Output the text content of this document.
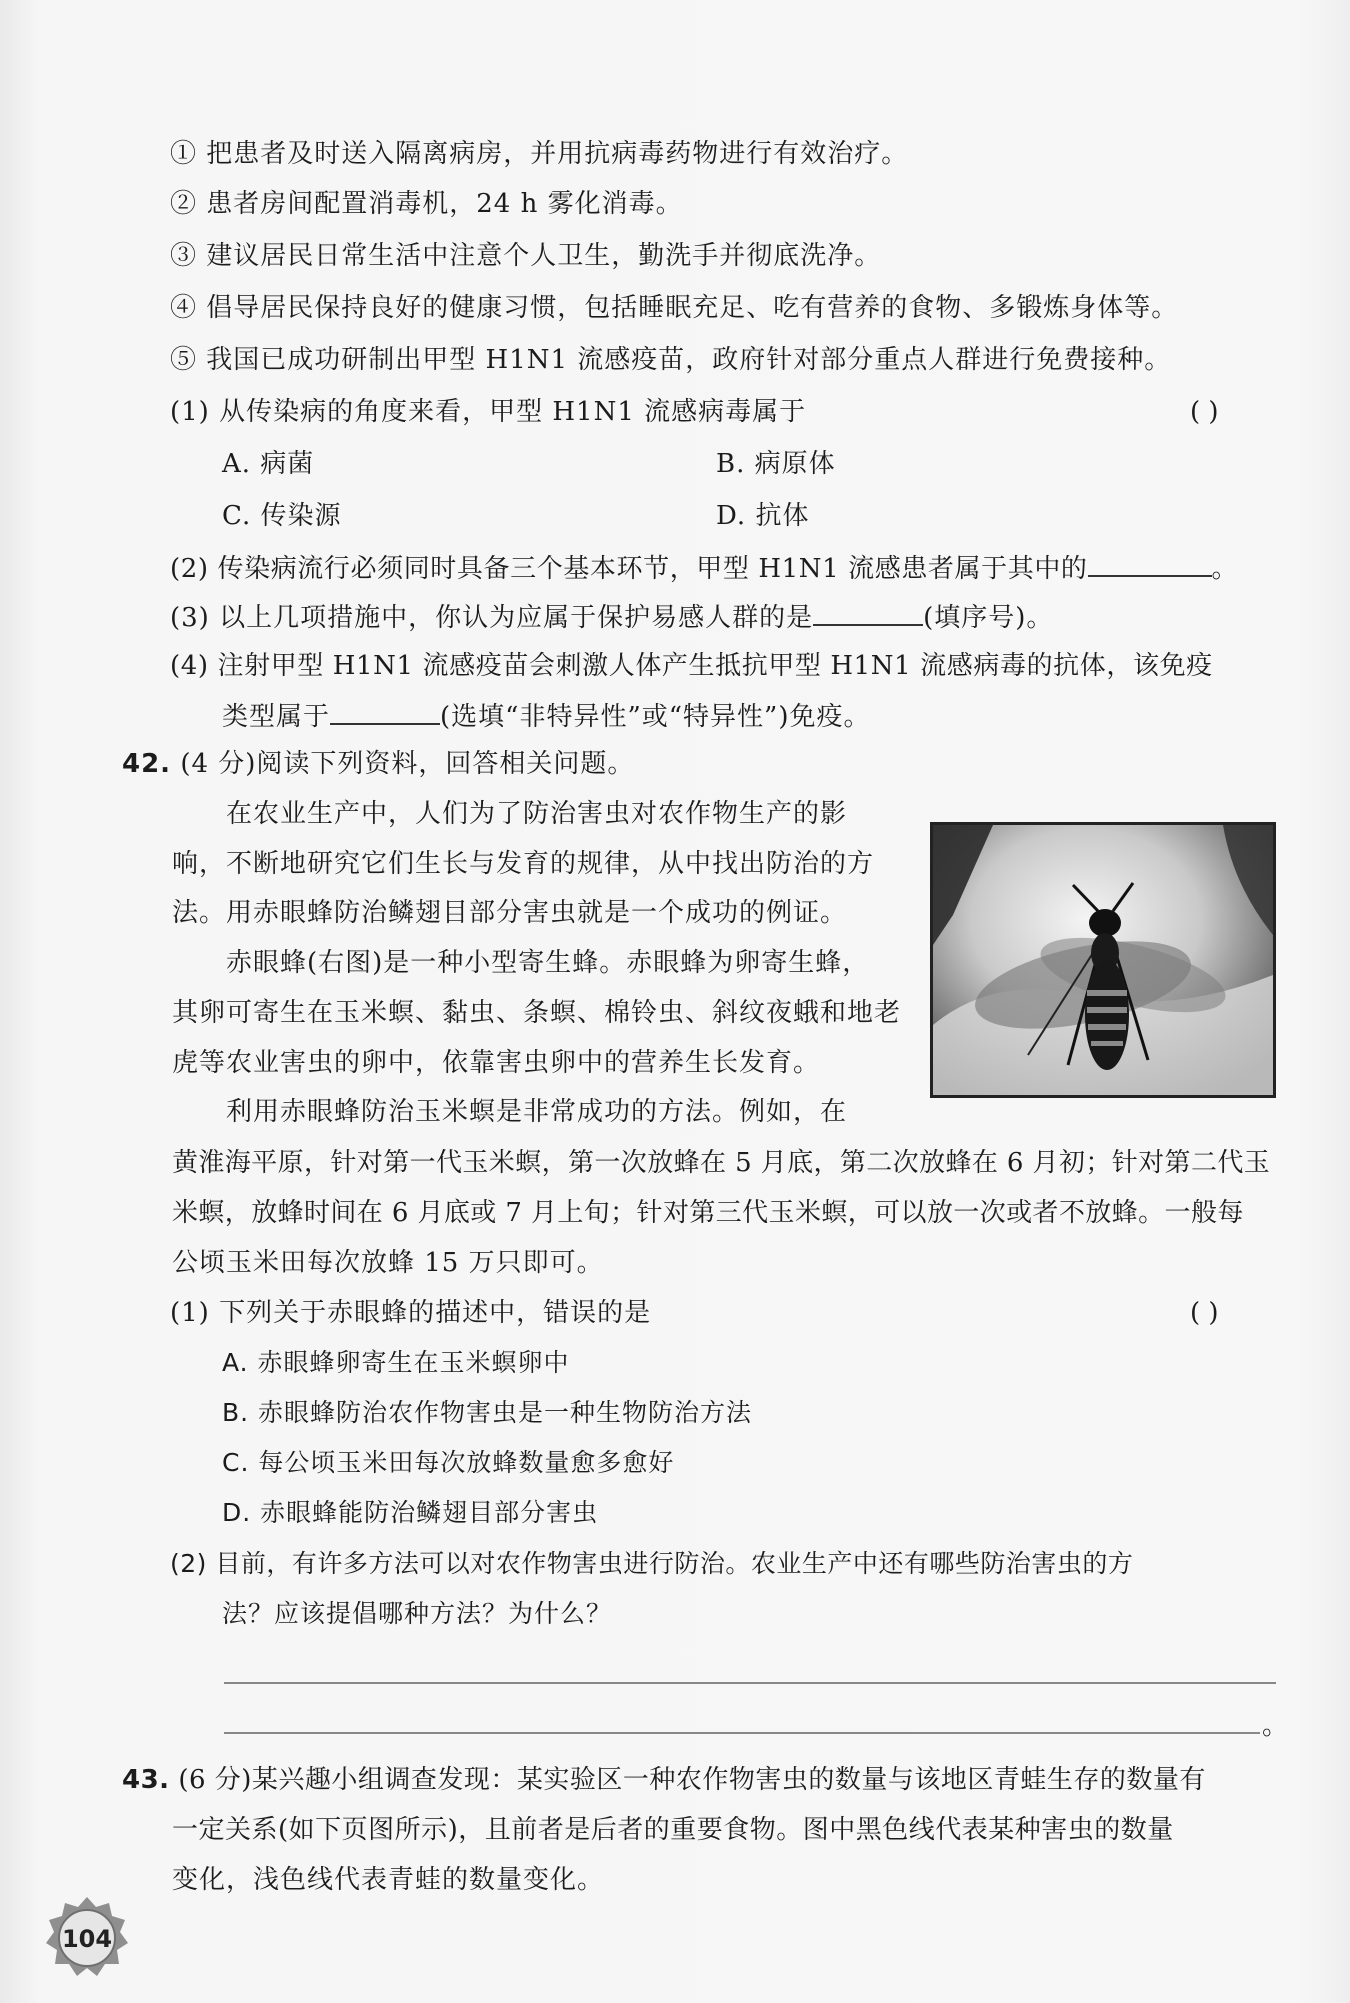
① 把患者及时送入隔离病房，并用抗病毒药物进行有效治疗。
② 患者房间配置消毒机，24 h 雾化消毒。
③ 建议居民日常生活中注意个人卫生，勤洗手并彻底洗净。
④ 倡导居民保持良好的健康习惯，包括睡眠充足、吃有营养的食物、多锻炼身体等。
⑤ 我国已成功研制出甲型 H1N1 流感疫苗，政府针对部分重点人群进行免费接种。
(1) 从传染病的角度来看，甲型 H1N1 流感病毒属于	( )
A. 病菌	B. 病原体
C. 传染源	D. 抗体
(2) 传染病流行必须同时具备三个基本环节，甲型 H1N1 流感患者属于其中的	。
(3) 以上几项措施中，你认为应属于保护易感人群的是	(填序号)。
(4) 注射甲型 H1N1 流感疫苗会刺激人体产生抵抗甲型 H1N1 流感病毒的抗体，该免疫
类型属于	(选填“非特异性”或“特异性”)免疫。
42. (4 分)阅读下列资料，回答相关问题。
在农业生产中，人们为了防治害虫对农作物生产的影
响，不断地研究它们生长与发育的规律，从中找出防治的方
法。用赤眼蜂防治鳞翅目部分害虫就是一个成功的例证。
赤眼蜂(右图)是一种小型寄生蜂。赤眼蜂为卵寄生蜂，
其卵可寄生在玉米螟、黏虫、条螟、棉铃虫、斜纹夜蛾和地老
虎等农业害虫的卵中，依靠害虫卵中的营养生长发育。
利用赤眼蜂防治玉米螟是非常成功的方法。例如，在
黄淮海平原，针对第一代玉米螟，第一次放蜂在 5 月底，第二次放蜂在 6 月初；针对第二代玉
米螟，放蜂时间在 6 月底或 7 月上旬；针对第三代玉米螟，可以放一次或者不放蜂。一般每
公顷玉米田每次放蜂 15 万只即可。
(1) 下列关于赤眼蜂的描述中，错误的是	( )
A. 赤眼蜂卵寄生在玉米螟卵中
B. 赤眼蜂防治农作物害虫是一种生物防治方法
C. 每公顷玉米田每次放蜂数量愈多愈好
D. 赤眼蜂能防治鳞翅目部分害虫
(2) 目前，有许多方法可以对农作物害虫进行防治。农业生产中还有哪些防治害虫的方
法？应该提倡哪种方法？为什么？
。
43. (6 分)某兴趣小组调查发现：某实验区一种农作物害虫的数量与该地区青蛙生存的数量有
一定关系(如下页图所示)，且前者是后者的重要食物。图中黑色线代表某种害虫的数量
变化，浅色线代表青蛙的数量变化。
104
